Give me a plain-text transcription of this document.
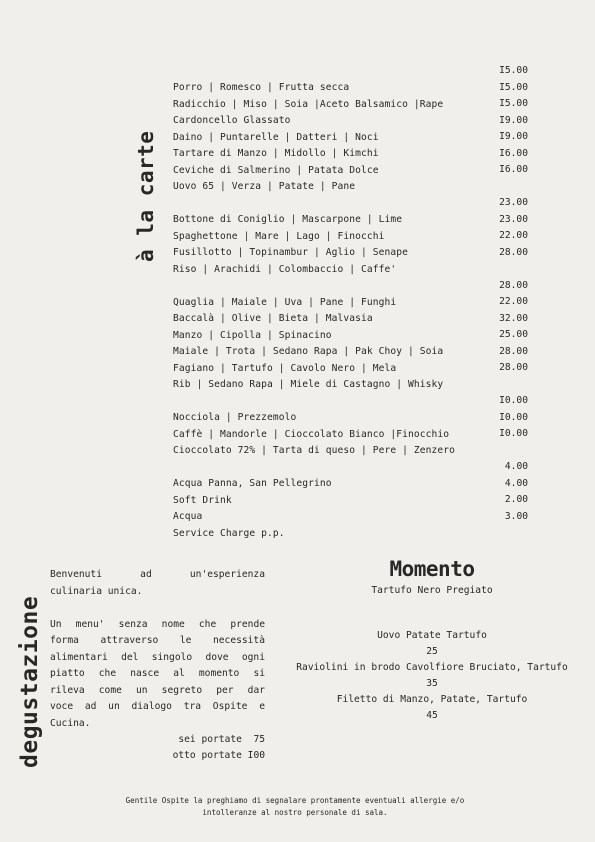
à la carte
degustazione
Porro | Romesco | Frutta secca
Radicchio | Miso | Soia |Aceto Balsamico |Rape
Cardoncello Glassato
Daino | Puntarelle | Datteri | Noci
Tartare di Manzo | Midollo | Kimchi
Ceviche di Salmerino | Patata Dolce
Uovo 65 | Verza | Patate | Pane
Bottone di Coniglio | Mascarpone | Lime
Spaghettone | Mare | Lago | Finocchi
Fusillotto | Topinambur | Aglio | Senape
Riso | Arachidi | Colombaccio | Caffe'
Quaglia | Maiale | Uva | Pane | Funghi
Baccalà | Olive | Bieta | Malvasia
Manzo | Cipolla | Spinacino
Maiale | Trota | Sedano Rapa | Pak Choy | Soia
Fagiano | Tartufo | Cavolo Nero | Mela
Rib | Sedano Rapa | Miele di Castagno | Whisky
Nocciola | Prezzemolo
Caffè | Mandorle | Cioccolato Bianco |Finocchio
Cioccolato 72% | Tarta di queso | Pere | Zenzero
Acqua Panna, San Pellegrino
Soft Drink
Acqua
Service Charge p.p.
I5.00
I5.00
I5.00
I9.00
I9.00
I6.00
I6.00
23.00
23.00
22.00
28.00
28.00
22.00
32.00
25.00
28.00
28.00
I0.00
I0.00
I0.00
4.00
4.00
2.00
3.00

Benvenuti ad un'esperienza

culinaria unica.

Un menu' senza nome che prende

forma attraverso le necessità

alimentari del singolo dove ogni

piatto che nasce al momento si

rileva come un segreto per dar

voce ad un dialogo tra Ospite e

Cucina.

sei portate  75
otto portate I00
Momento
Tartufo Nero Pregiato
Uovo Patate Tartufo
25
Raviolini in brodo Cavolfiore Bruciato, Tartufo
35
Filetto di Manzo, Patate, Tartufo
45
Gentile Ospite la preghiamo di segnalare prontamente eventuali allergie e/o
intolleranze al nostro personale di sala.
